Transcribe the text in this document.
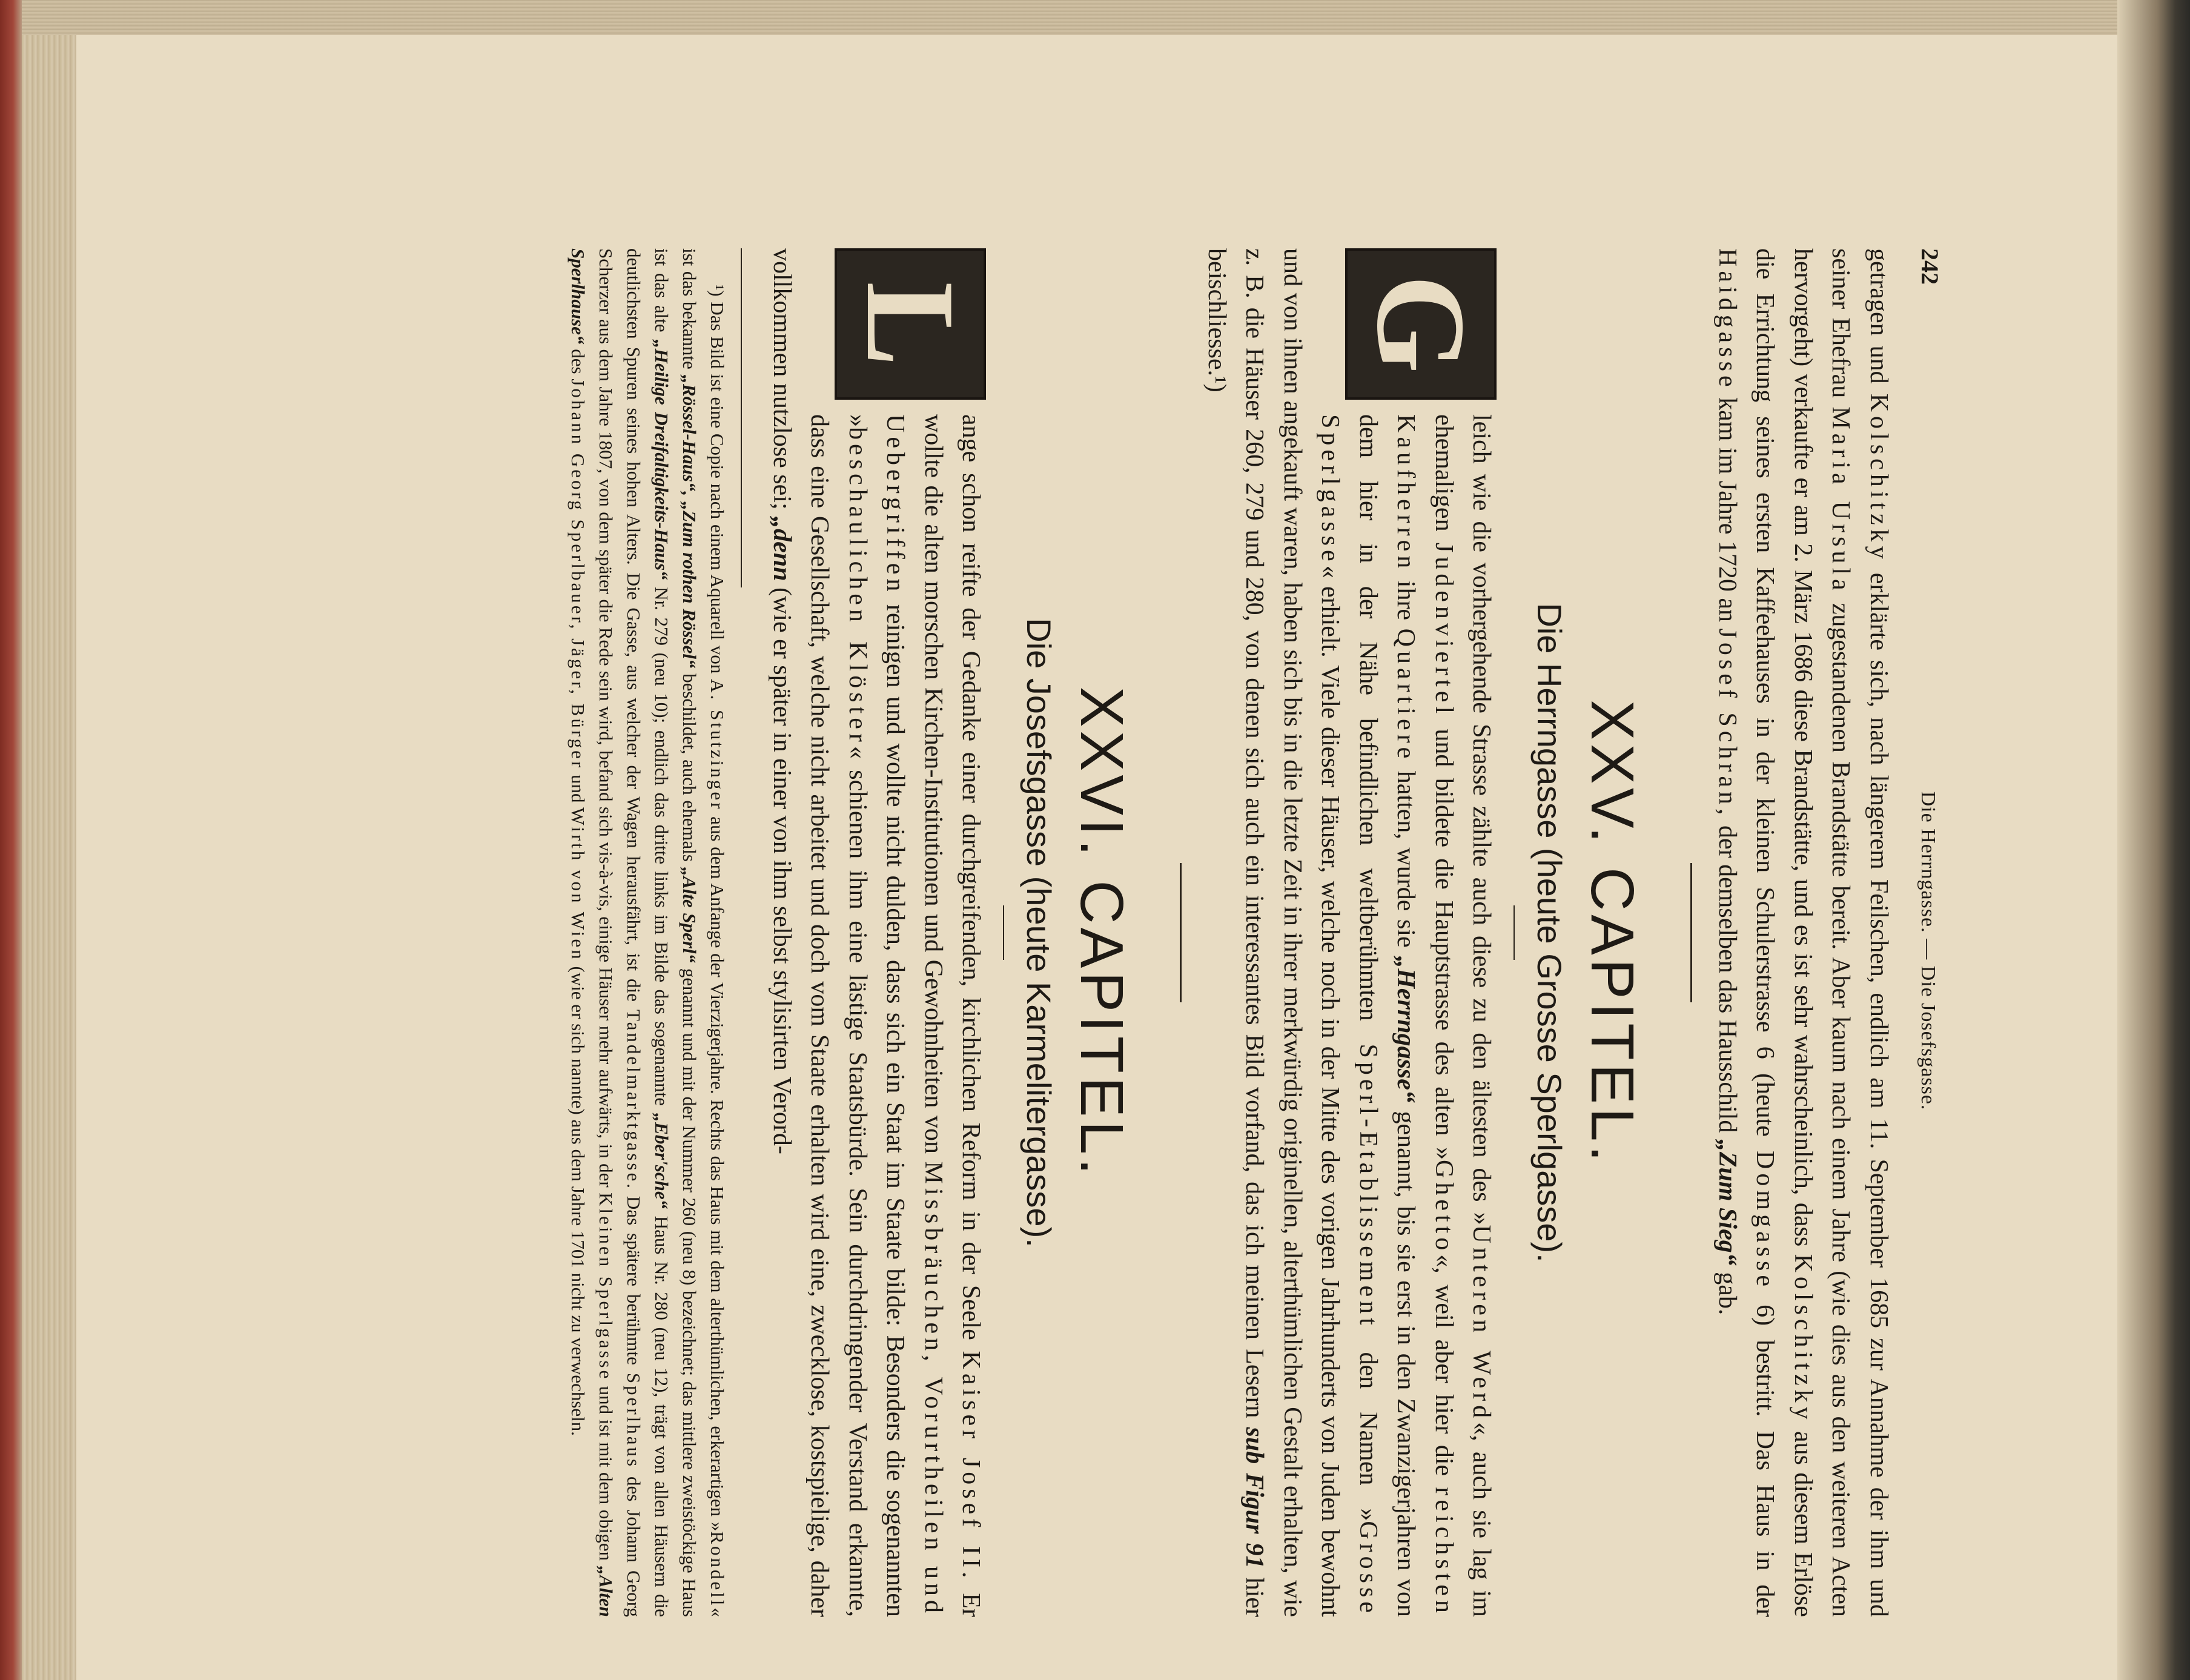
242
Die Herrngasse. — Die Josefsgasse.

getragen und Kolschitzky erklärte sich, nach längerem Feilschen, endlich am 11. September 1685 zur Annahme der ihm und seiner Ehefrau Maria Ursula zugestandenen Brandstätte bereit. Aber kaum nach einem Jahre (wie dies aus den weiteren Acten hervorgeht) verkaufte er am 2. März 1686 diese Brandstätte, und es ist sehr wahrscheinlich, dass Kolschitzky aus diesem Erlöse die Errichtung seines ersten Kaffeehauses in der kleinen Schulerstrasse 6 (heute Domgasse 6) bestritt. Das Haus in der Haidgasse kam im Jahre 1720 an Josef Schran, der demselben das Hausschild „Zum Sieg“ gab.

XXV. CAPITEL.
Die Herrngasse (heute Grosse Sperlgasse).
G

leich wie die vorhergehende Strasse zählte auch diese zu den ältesten des »Unteren Werd«, auch sie lag im ehemaligen Judenviertel und bildete die Hauptstrasse des alten »Ghetto«, weil aber hier die reichsten Kaufherren ihre Quartiere hatten, wurde sie „Herrngasse“ genannt, bis sie erst in den Zwanzigerjahren von dem hier in der Nähe befindlichen weltberühmten Sperl-Etablissement den Namen »Grosse Sperlgasse« erhielt. Viele dieser Häuser, welche noch in der Mitte des vorigen Jahrhunderts von Juden bewohnt und von ihnen angekauft waren, haben sich bis in die letzte Zeit in ihrer merkwürdig originellen, alterthümlichen Gestalt erhalten, wie z. B. die Häuser 260, 279 und 280, von denen sich auch ein interessantes Bild vorfand, das ich meinen Lesern sub Figur 91 hier beischliesse.¹)

XXVI. CAPITEL.
Die Josefsgasse (heute Karmelitergasse).
L

ange schon reifte der Gedanke einer durchgreifenden, kirchlichen Reform in der Seele Kaiser Josef II. Er wollte die alten morschen Kirchen-Institutionen und Gewohnheiten von Missbräuchen, Vorurtheilen und Uebergriffen reinigen und wollte nicht dulden, dass sich ein Staat im Staate bilde: Besonders die sogenannten »beschaulichen Klöster« schienen ihm eine lästige Staatsbürde. Sein durchdringender Verstand erkannte, dass eine Gesellschaft, welche nicht arbeitet und doch vom Staate erhalten wird eine, zwecklose, kostspielige, daher vollkommen nutzlose sei; „denn (wie er später in einer von ihm selbst stylisirten Verord-

¹) Das Bild ist eine Copie nach einem Aquarell von A. Stutzinger aus dem Anfange der Vierzigerjahre. Rechts das Haus mit dem alterthümlichen, erkerartigen »Rondell« ist das bekannte „Rössel-Haus“, „Zum rothen Rössel“ beschildet, auch ehemals „Alte Sperl“ genannt und mit der Nummer 260 (neu 8) bezeichnet; das mittlere zweistöckige Haus ist das alte „Heilige Dreifaltigkeits-Haus“ Nr. 279 (neu 10); endlich das dritte links im Bilde das sogenannte „Eber'sche“ Haus Nr. 280 (neu 12), trägt von allen Häusern die deutlichsten Spuren seines hohen Alters. Die Gasse, aus welcher der Wagen herausfährt, ist die Tandelmarktgasse. Das spätere berühmte Sperlhaus des Johann Georg Scherzer aus dem Jahre 1807, von dem später die Rede sein wird, befand sich vis-à-vis, einige Häuser mehr aufwärts, in der Kleinen Sperlgasse und ist mit dem obigen „Alten Sperlhause“ des Johann Georg Sperlbauer, Jäger, Bürger und Wirth von Wien (wie er sich nannte) aus dem Jahre 1701 nicht zu verwechseln.
